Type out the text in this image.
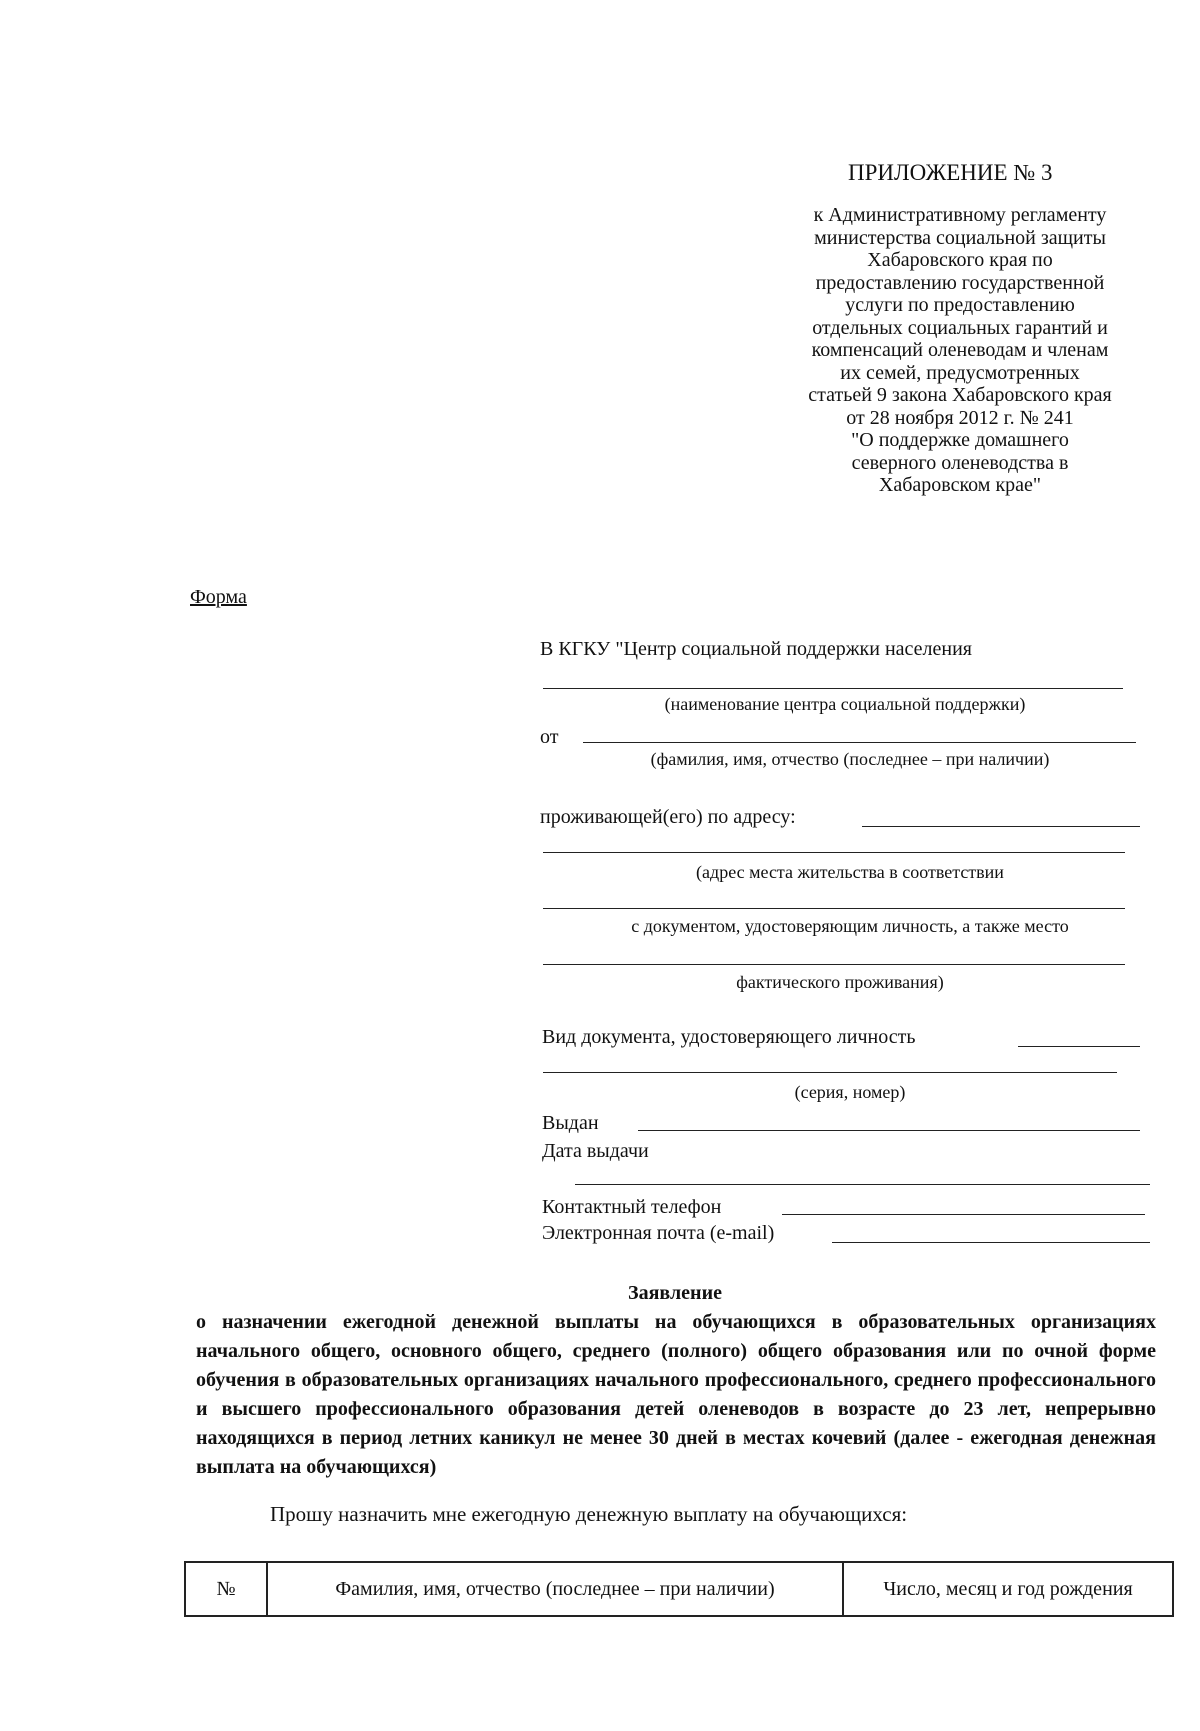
ПРИЛОЖЕНИЕ № 3
к Административному регламенту
министерства социальной защиты
Хабаровского края по
предоставлению государственной
услуги по предоставлению
отдельных социальных гарантий и
компенсаций оленеводам и членам
их семей, предусмотренных
статьей 9 закона Хабаровского края
от 28 ноября 2012 г. № 241
"О поддержке домашнего
северного оленеводства в
Хабаровском крае"
Форма
В КГКУ "Центр социальной поддержки населения
(наименование центра социальной поддержки)
от
(фамилия, имя, отчество (последнее – при наличии)
проживающей(его) по адресу:
(адрес места жительства в соответствии
с документом, удостоверяющим личность, а также место
фактического проживания)
Вид документа, удостоверяющего личность
(серия, номер)
Выдан
Дата выдачи
Контактный телефон
Электронная почта (e-mail)
Заявление
о назначении ежегодной денежной выплаты на обучающихся в образовательных организациях начального общего, основного общего, среднего (полного) общего образования или по очной форме обучения в образовательных организациях начального профессионального, среднего профессионального и высшего профессионального образования детей оленеводов в возрасте до 23 лет, непрерывно находящихся в период летних каникул не менее 30 дней в местах кочевий (далее - ежегодная денежная выплата на обучающихся)
Прошу назначить мне ежегодную денежную выплату на обучающихся:
№	Фамилия, имя, отчество (последнее – при наличии)	Число, месяц и год рождения
